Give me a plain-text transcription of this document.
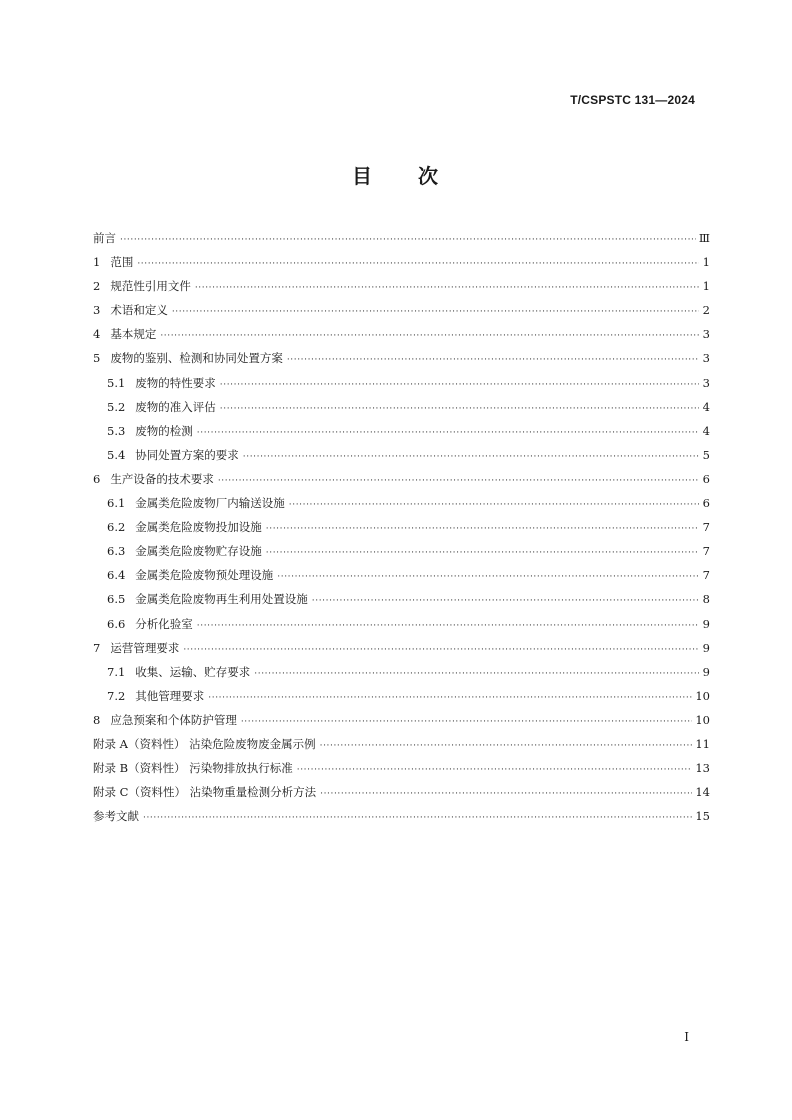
T/CSPSTC 131—2024
目 次
前言 ·····	Ⅲ
1 范围 ·····	1
2 规范性引用文件 ·····	1
3 术语和定义 ·····	2
4 基本规定 ·····	3
5 废物的鉴别、检测和协同处置方案 ·····	3
5.1 废物的特性要求 ·····	3
5.2 废物的准入评估 ·····	4
5.3 废物的检测 ·····	4
5.4 协同处置方案的要求 ·····	5
6 生产设备的技术要求 ·····	6
6.1 金属类危险废物厂内输送设施 ·····	6
6.2 金属类危险废物投加设施 ·····	7
6.3 金属类危险废物贮存设施 ·····	7
6.4 金属类危险废物预处理设施 ·····	7
6.5 金属类危险废物再生利用处置设施 ·····	8
6.6 分析化验室 ·····	9
7 运营管理要求 ·····	9
7.1 收集、运输、贮存要求 ·····	9
7.2 其他管理要求 ·····	10
8 应急预案和个体防护管理 ·····	10
附录 A（资料性） 沾染危险废物废金属示例 ·····	11
附录 B（资料性） 污染物排放执行标准 ·····	13
附录 C（资料性） 沾染物重量检测分析方法 ·····	14
参考文献 ·····	15
I
